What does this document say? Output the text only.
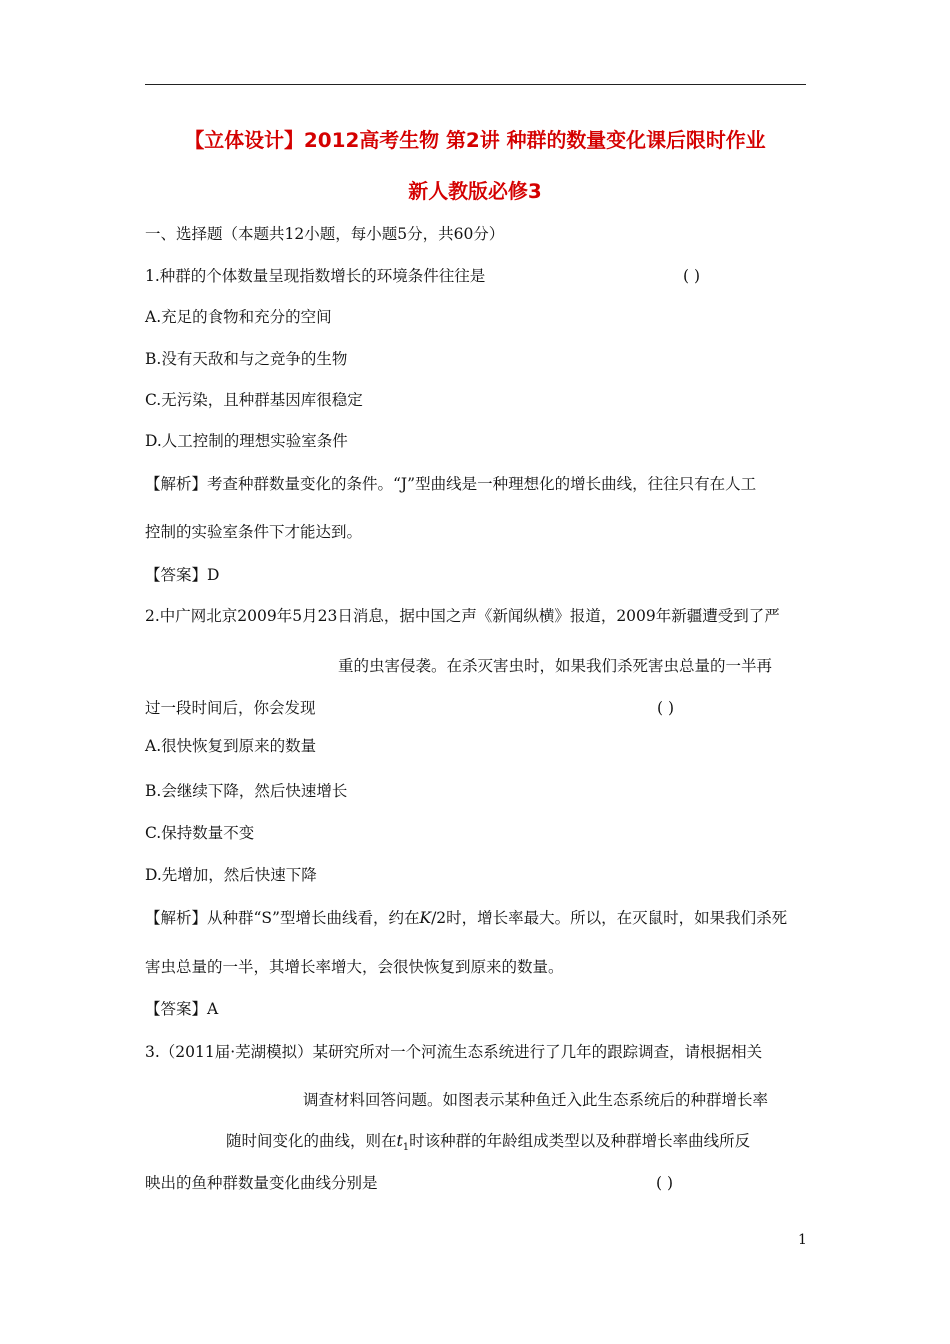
【立体设计】2012高考生物 第2讲 种群的数量变化课后限时作业
新人教版必修3
一、选择题（本题共12小题，每小题5分，共60分）
1.种群的个体数量呈现指数增长的环境条件往往是	( )
A.充足的食物和充分的空间
B.没有天敌和与之竞争的生物
C.无污染，且种群基因库很稳定
D.人工控制的理想实验室条件
【解析】考查种群数量变化的条件。“J”型曲线是一种理想化的增长曲线，往往只有在人工
控制的实验室条件下才能达到。
【答案】D
2.中广网北京2009年5月23日消息，据中国之声《新闻纵横》报道，2009年新疆遭受到了严
重的虫害侵袭。在杀灭害虫时，如果我们杀死害虫总量的一半再
过一段时间后，你会发现	( )
A.很快恢复到原来的数量
B.会继续下降，然后快速增长
C.保持数量不变
D.先增加，然后快速下降
【解析】从种群“S”型增长曲线看，约在K/2时，增长率最大。所以，在灭鼠时，如果我们杀死
害虫总量的一半，其增长率增大，会很快恢复到原来的数量。
【答案】A
3.（2011届·芜湖模拟）某研究所对一个河流生态系统进行了几年的跟踪调查，请根据相关
调查材料回答问题。如图表示某种鱼迁入此生态系统后的种群增长率
随时间变化的曲线，则在$t_1$时该种群的年龄组成类型以及种群增长率曲线所反
映出的鱼种群数量变化曲线分别是	( )
1
